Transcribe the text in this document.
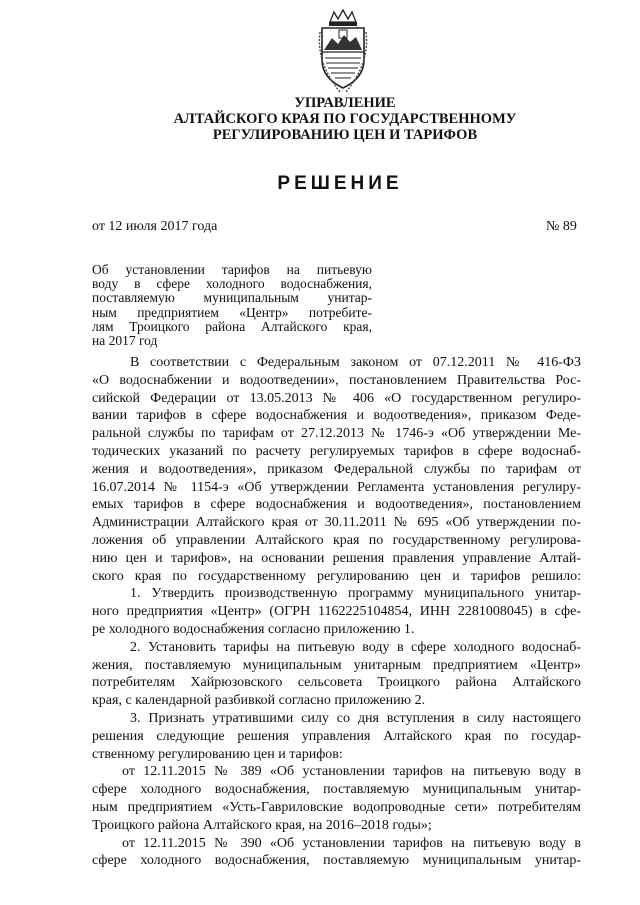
УПРАВЛЕНИЕ
АЛТАЙСКОГО КРАЯ ПО ГОСУДАРСТВЕННОМУ
РЕГУЛИРОВАНИЮ ЦЕН И ТАРИФОВ
РЕШЕНИЕ
от 12 июля 2017 года	№ 89
Об установлении тарифов на питьевую
воду в сфере холодного водоснабжения,
поставляемую муниципальным унитар-
ным предприятием «Центр» потребите-
лям Троицкого района Алтайского края,
на 2017 год
В соответствии с Федеральным законом от 07.12.2011 № 416-ФЗ
«О водоснабжении и водоотведении», постановлением Правительства Рос-
сийской Федерации от 13.05.2013 № 406 «О государственном регулиро-
вании тарифов в сфере водоснабжения и водоотведения», приказом Феде-
ральной службы по тарифам от 27.12.2013 № 1746-э «Об утверждении Ме-
тодических указаний по расчету регулируемых тарифов в сфере водоснаб-
жения и водоотведения», приказом Федеральной службы по тарифам от
16.07.2014 № 1154-э «Об утверждении Регламента установления регулиру-
емых тарифов в сфере водоснабжения и водоотведения», постановлением
Администрации Алтайского края от 30.11.2011 № 695 «Об утверждении по-
ложения об управлении Алтайского края по государственному регулирова-
нию цен и тарифов», на основании решения правления управление Алтай-
ского края по государственному регулированию цен и тарифов решило:
1. Утвердить производственную программу муниципального унитар-
ного предприятия «Центр» (ОГРН 1162225104854, ИНН 2281008045) в сфе-
ре холодного водоснабжения согласно приложению 1.
2. Установить тарифы на питьевую воду в сфере холодного водоснаб-
жения, поставляемую муниципальным унитарным предприятием «Центр»
потребителям Хайрюзовского сельсовета Троицкого района Алтайского
края, с календарной разбивкой согласно приложению 2.
3. Признать утратившими силу со дня вступления в силу настоящего
решения следующие решения управления Алтайского края по государ-
ственному регулированию цен и тарифов:
от 12.11.2015 № 389 «Об установлении тарифов на питьевую воду в
сфере холодного водоснабжения, поставляемую муниципальным унитар-
ным предприятием «Усть-Гавриловские водопроводные сети» потребителям
Троицкого района Алтайского края, на 2016–2018 годы»;
от 12.11.2015 № 390 «Об установлении тарифов на питьевую воду в
сфере холодного водоснабжения, поставляемую муниципальным унитар-
